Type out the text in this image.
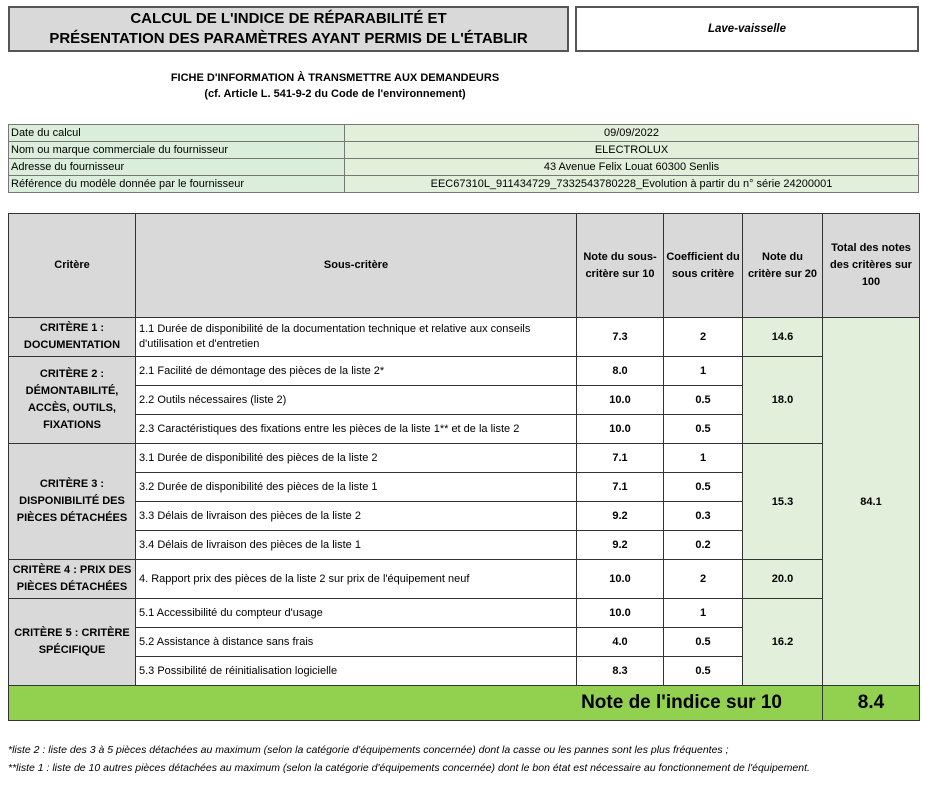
CALCUL DE L'INDICE DE RÉPARABILITÉ ET
PRÉSENTATION DES PARAMÈTRES AYANT PERMIS DE L'ÉTABLIR
Lave-vaisselle
FICHE D'INFORMATION À TRANSMETTRE AUX DEMANDEURS
(cf. Article L. 541-9-2 du Code de l'environnement)
Date du calcul	09/09/2022
Nom ou marque commerciale du fournisseur	ELECTROLUX
Adresse du fournisseur	43 Avenue Felix Louat 60300 Senlis
Référence du modèle donnée par le fournisseur	EEC67310L_911434729_7332543780228_Evolution à partir du n° série 24200001
Critère	Sous-critère	Note du sous-critère sur 10	Coefficient du sous critère	Note du critère sur 20	Total des notes des critères sur 100
CRITÈRE 1 : DOCUMENTATION	1.1 Durée de disponibilité de la documentation technique et relative aux conseils d'utilisation et d'entretien	7.3	2	14.6	84.1
CRITÈRE 2 : DÉMONTABILITÉ, ACCÈS, OUTILS, FIXATIONS	2.1 Facilité de démontage des pièces de la liste 2*	8.0	1	18.0	
	2.2 Outils nécessaires (liste 2)	10.0	0.5		
	2.3 Caractéristiques des fixations entre les pièces de la liste 1** et de la liste 2	10.0	0.5		
CRITÈRE 3 : DISPONIBILITÉ DES PIÈCES DÉTACHÉES	3.1 Durée de disponibilité des pièces de la liste 2	7.1	1	15.3	
	3.2 Durée de disponibilité des pièces de la liste 1	7.1	0.5		
	3.3 Délais de livraison des pièces de la liste 2	9.2	0.3		
	3.4 Délais de livraison des pièces de la liste 1	9.2	0.2		
CRITÈRE 4 : PRIX DES PIÈCES DÉTACHÉES	4. Rapport prix des pièces de la liste 2 sur prix de l'équipement neuf	10.0	2	20.0	
CRITÈRE 5 : CRITÈRE SPÉCIFIQUE	5.1 Accessibilité du compteur d'usage	10.0	1	16.2	
	5.2 Assistance à distance sans frais	4.0	0.5		
	5.3 Possibilité de réinitialisation logicielle	8.3	0.5		
Note de l'indice sur 10					8.4
*liste 2 : liste des 3 à 5 pièces détachées au maximum (selon la catégorie d'équipements concernée) dont la casse ou les pannes sont les plus fréquentes ;
**liste 1 : liste de 10 autres pièces détachées au maximum (selon la catégorie d'équipements concernée) dont le bon état est nécessaire au fonctionnement de l'équipement.
